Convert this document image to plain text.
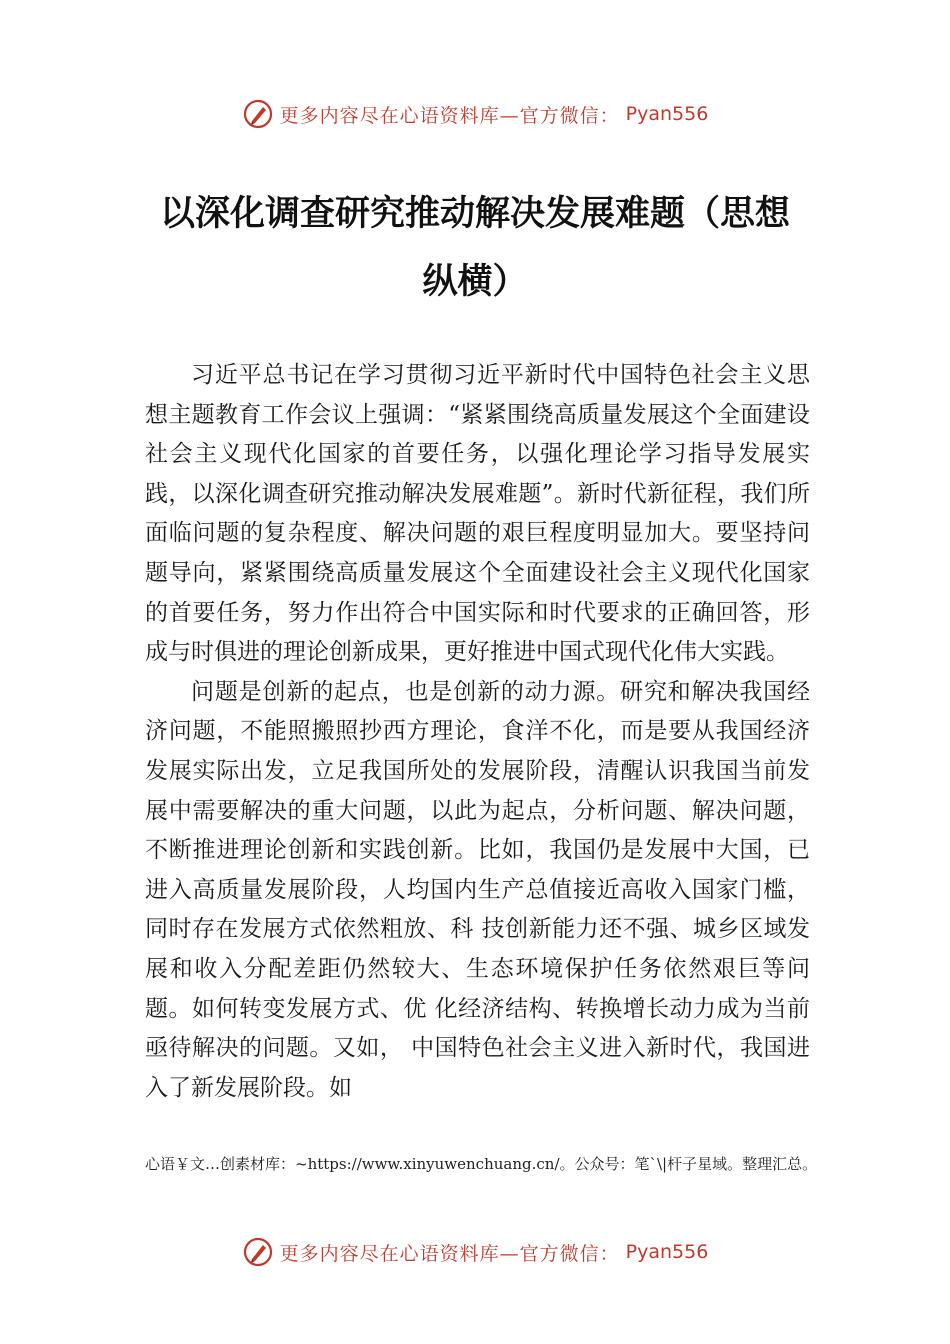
更多内容尽在心语资料库—官方微信： Pyan556
以深化调查研究推动解决发展难题（思想纵横）

习近平总书记在学习贯彻习近平新时代中国特色社会主义思想主题教育工作会议上强调：“紧紧围绕高质量发展这个全面建设社会主义现代化国家的首要任务，以强化理论学习指导发展实践，以深化调查研究推动解决发展难题”。新时代新征程，我们所面临问题的复杂程度、解决问题的艰巨程度明显加大。要坚持问题导向，紧紧围绕高质量发展这个全面建设社会主义现代化国家的首要任务，努力作出符合中国实际和时代要求的正确回答，形成与时俱进的理论创新成果，更好推进中国式现代化伟大实践。

问题是创新的起点，也是创新的动力源。研究和解决我国经济问题，不能照搬照抄西方理论，食洋不化，而是要从我国经济发展实际出发，立足我国所处的发展阶段，清醒认识我国当前发展中需要解决的重大问题，以此为起点，分析问题、解决问题，不断推进理论创新和实践创新。比如，我国仍是发展中大国，已进入高质量发展阶段，人均国内生产总值接近高收入国家门槛，同时存在发展方式依然粗放、科 技创新能力还不强、城乡区域发展和收入分配差距仍然较大、生态环境保护任务依然艰巨等问题。如何转变发展方式、优 化经济结构、转换增长动力成为当前亟待解决的问题。又如， 中国特色社会主义进入新时代，我国进入了新发展阶段。如

心语￥文…创素材库：~https://www.xinyuwenchuang.cn/。公众号：笔`\|杆子星域。整理汇总。

更多内容尽在心语资料库—官方微信： Pyan556
